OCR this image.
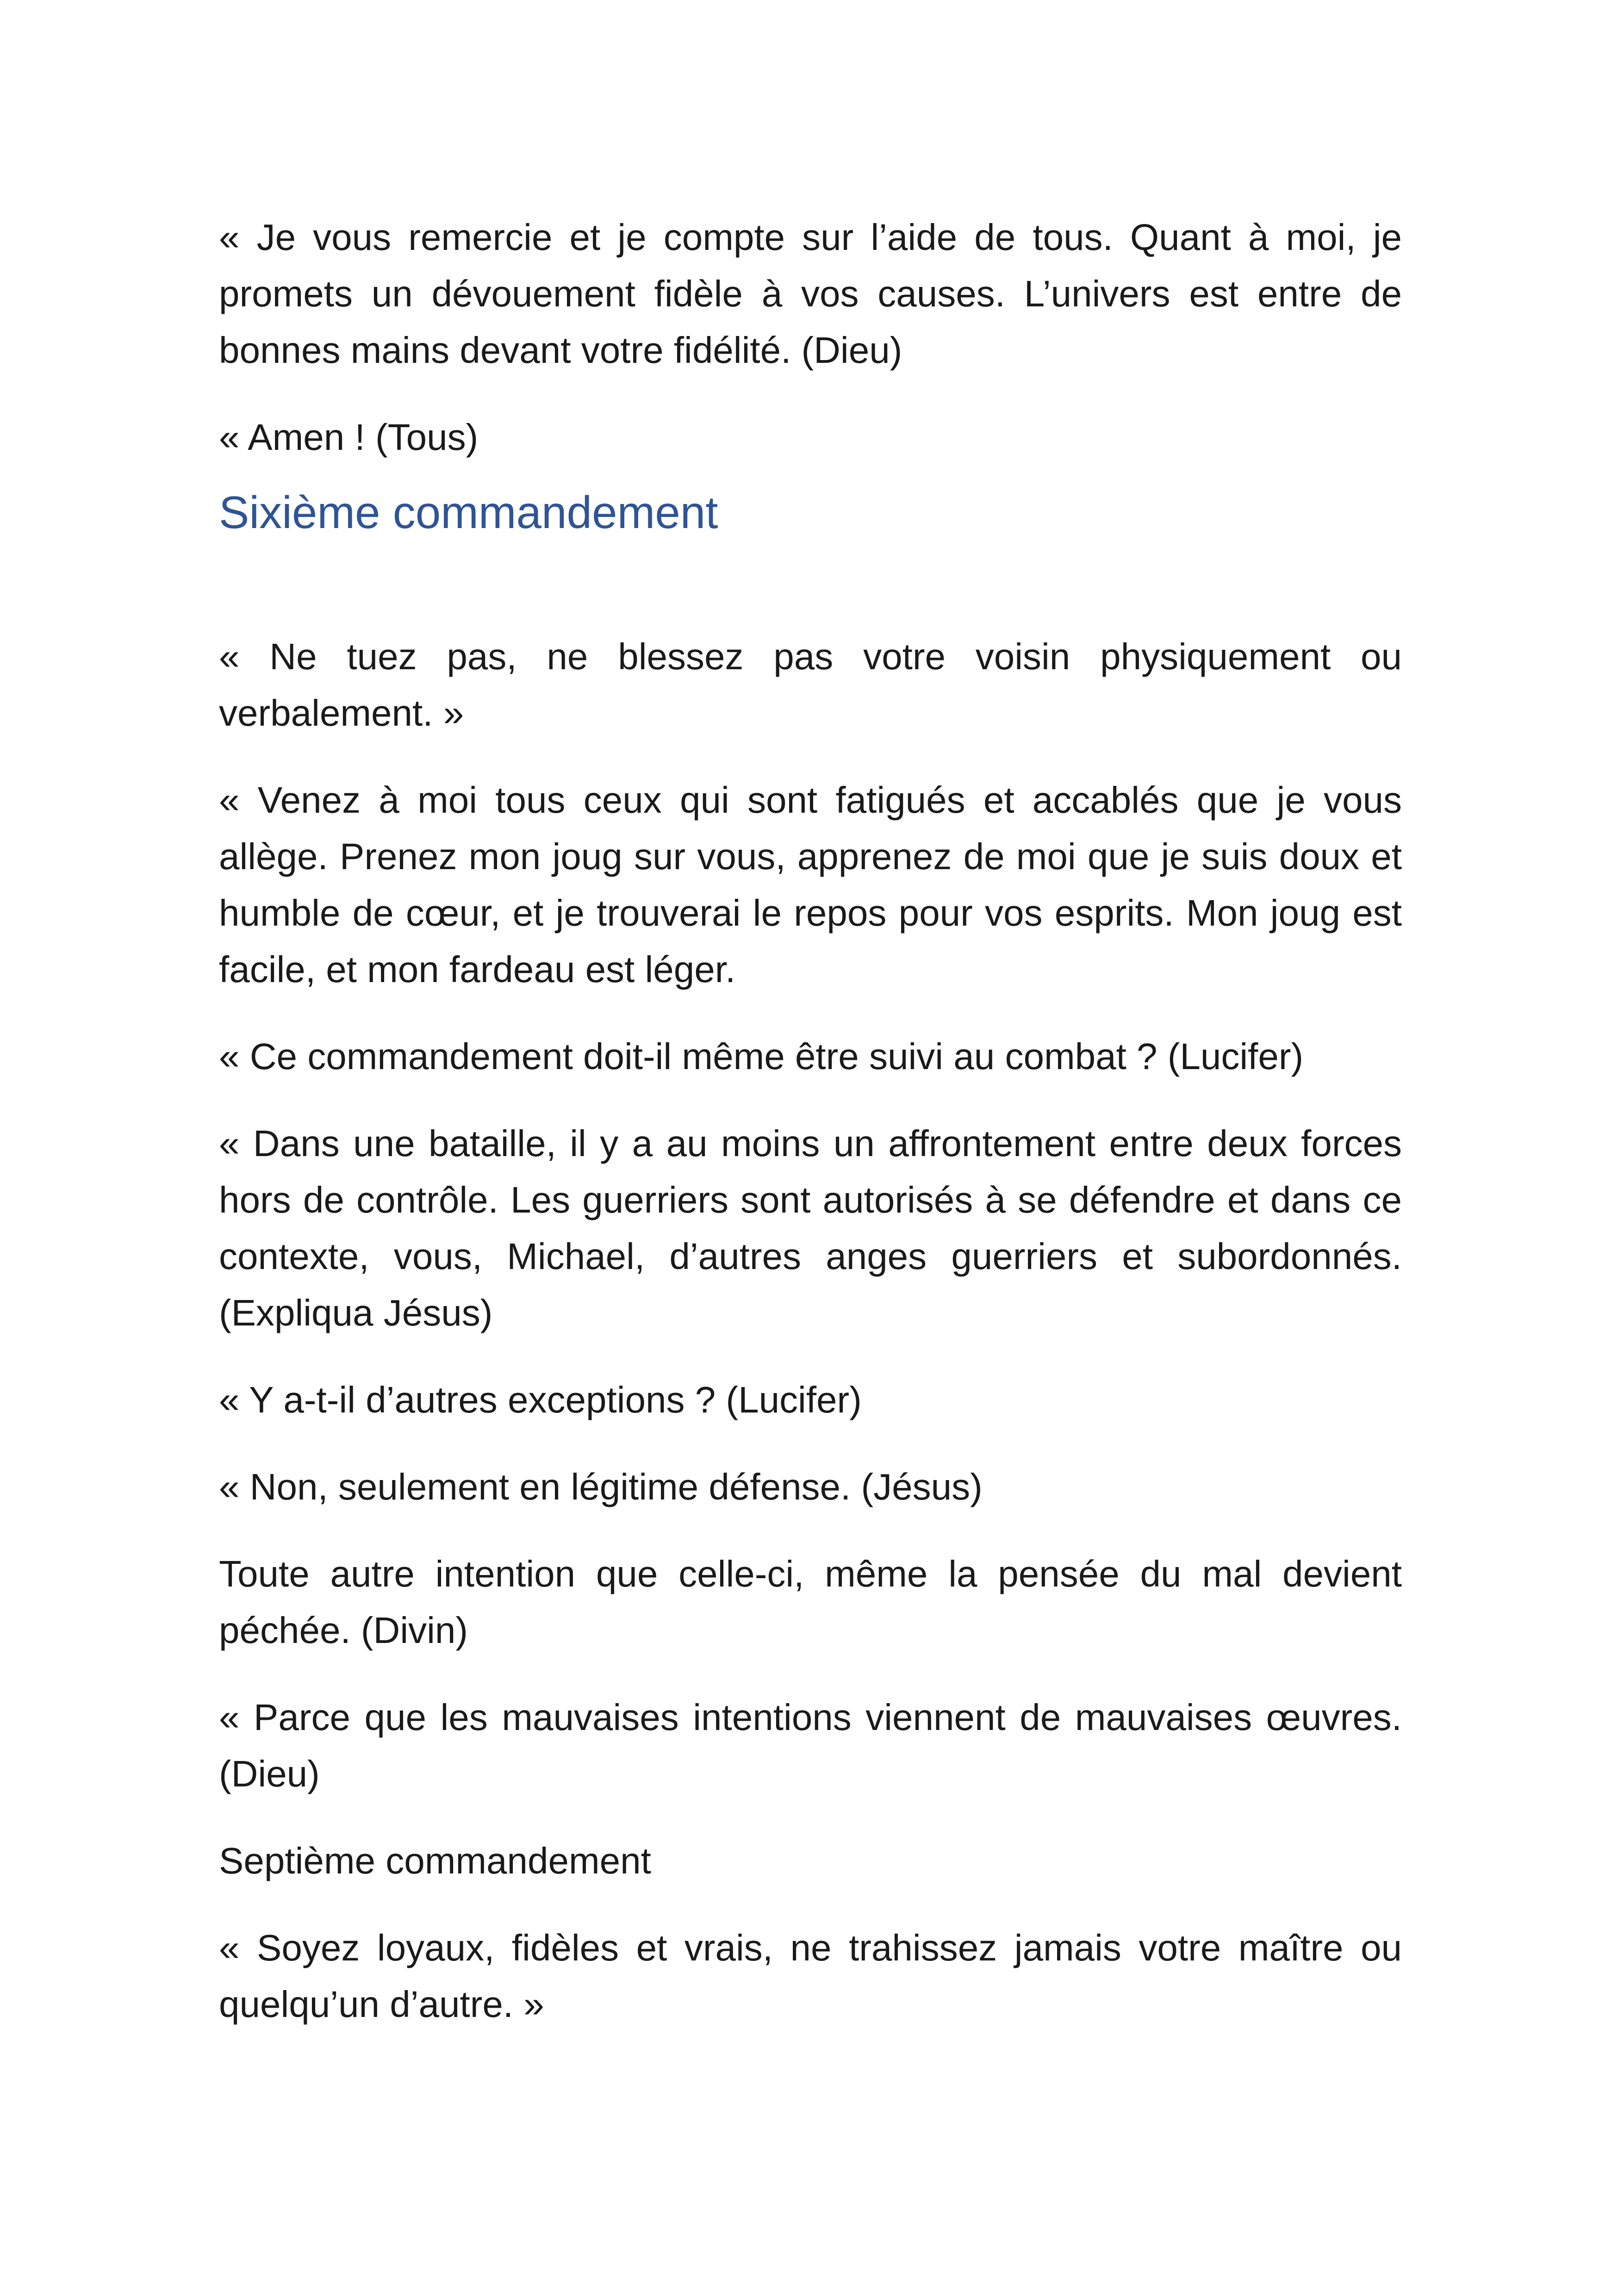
« Je vous remercie et je compte sur l’aide de tous. Quant à moi, je promets un dévouement fidèle à vos causes. L’univers est entre de bonnes mains devant votre fidélité. (Dieu)

« Amen ! (Tous)

Sixième commandement

« Ne tuez pas, ne blessez pas votre voisin physiquement ou verbalement. »

« Venez à moi tous ceux qui sont fatigués et accablés que je vous allège. Prenez mon joug sur vous, apprenez de moi que je suis doux et humble de cœur, et je trouverai le repos pour vos esprits. Mon joug est facile, et mon fardeau est léger.

« Ce commandement doit-il même être suivi au combat ? (Lucifer)

« Dans une bataille, il y a au moins un affrontement entre deux forces hors de contrôle. Les guerriers sont autorisés à se défendre et dans ce contexte, vous, Michael, d’autres anges guerriers et subordonnés. (Expliqua Jésus)

« Y a-t-il d’autres exceptions ? (Lucifer)

« Non, seulement en légitime défense. (Jésus)

Toute autre intention que celle-ci, même la pensée du mal devient péchée. (Divin)

« Parce que les mauvaises intentions viennent de mauvaises œuvres. (Dieu)

Septième commandement

« Soyez loyaux, fidèles et vrais, ne trahissez jamais votre maître ou quelqu’un d’autre. »
